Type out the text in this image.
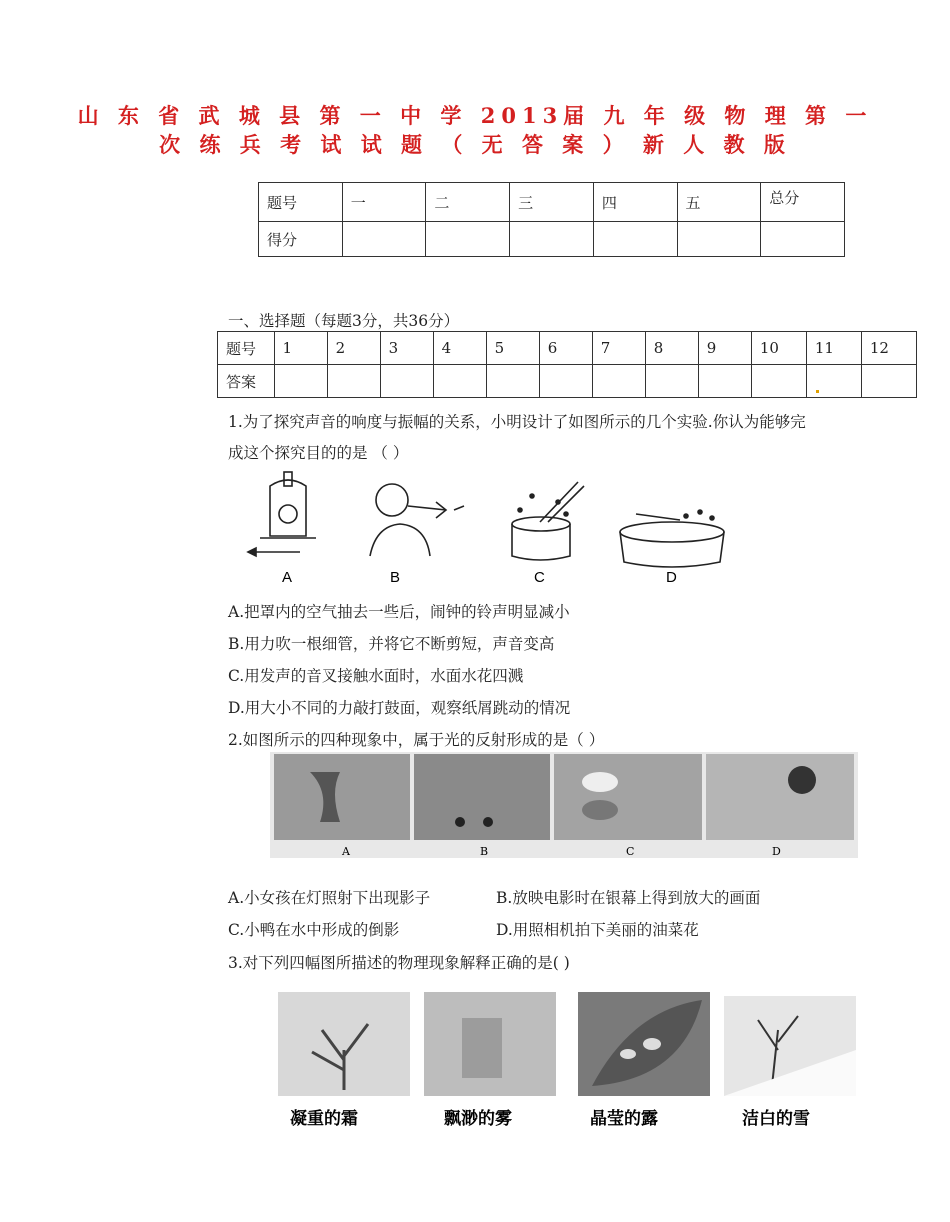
山 东 省 武 城 县 第 一 中 学 2013届 九 年 级 物 理 第 一
次 练 兵 考 试 试 题 （ 无 答 案 ） 新 人 教 版
题号	一	二	三	四	五	总分
得分						
一、选择题（每题3分，共36分）
题号	1	2	3	4	5	6	7	8	9	10	11	12
答案												
1.为了探究声音的响度与振幅的关系，小明设计了如图所示的几个实验.你认为能够完
成这个探究目的的是 （ ）
A	B	C	D
A.把罩内的空气抽去一些后，闹钟的铃声明显减小
B.用力吹一根细管，并将它不断剪短，声音变高
C.用发声的音叉接触水面时，水面水花四溅
D.用大小不同的力敲打鼓面，观察纸屑跳动的情况
2.如图所示的四种现象中，属于光的反射形成的是（ ）
A	B	C	D
A.小女孩在灯照射下出现影子	B.放映电影时在银幕上得到放大的画面
C.小鸭在水中形成的倒影	D.用照相机拍下美丽的油菜花
3.对下列四幅图所描述的物理现象解释正确的是( )
凝重的霜	飘渺的雾	晶莹的露	洁白的雪
